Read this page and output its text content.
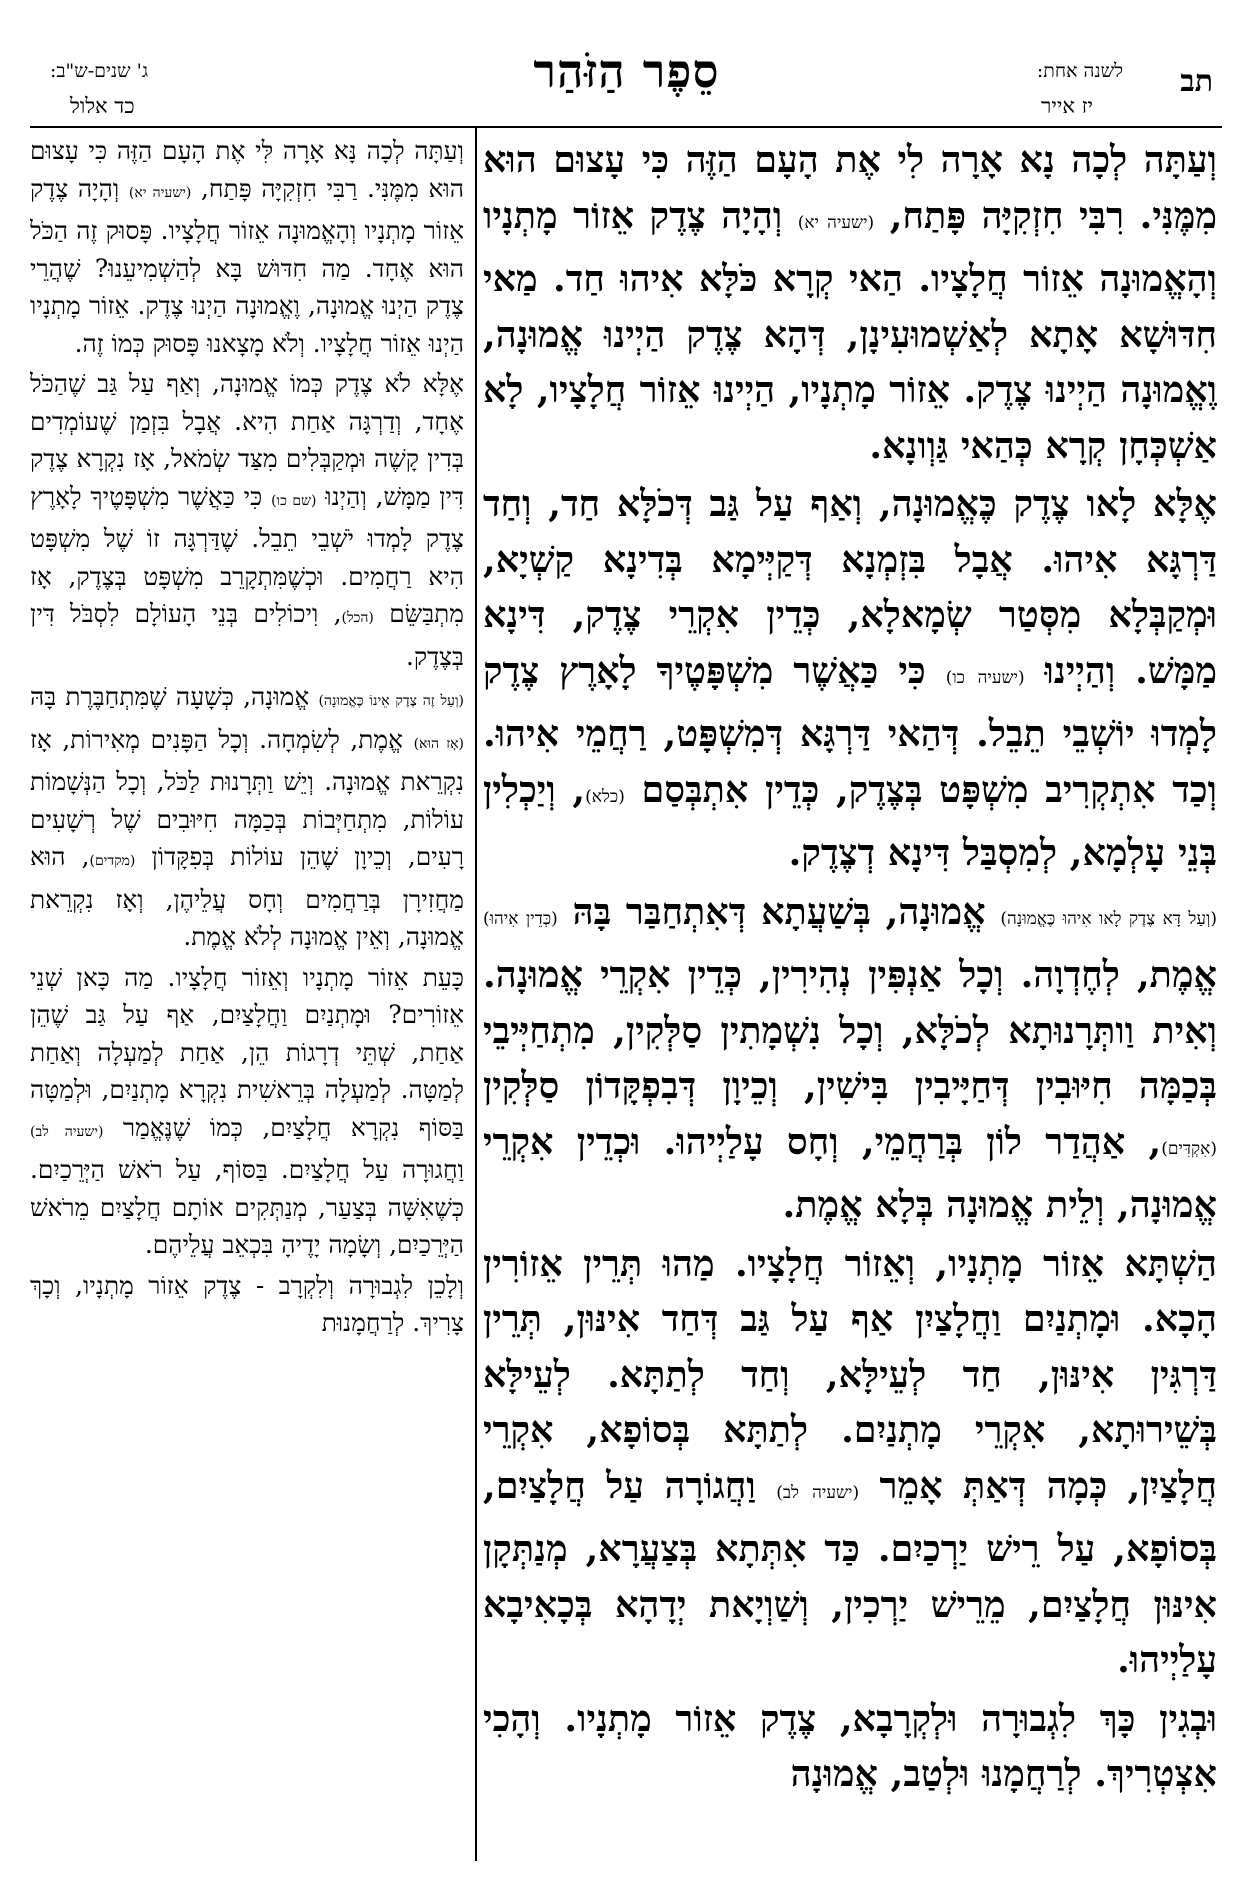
תב
לשנה אחת:
יז אייר
סֵפֶר הַזֹּהַר
ג' שנים-ש"ב:
כד אלול

וְעַתָּה לְכָה נָא אָרָה לִי אֶת הָעָם הַזֶּה כִּי עָצוּם הוּא מִמֶּנִּי. רִבִּי חִזְקִיָּה פָּתַח, (ישעיה יא) וְהָיָה צֶדֶק אֵזוֹר מָתְנָיו וְהָאֱמוּנָה אֵזוֹר חֲלָצָיו. הַאי קְרָא כֹּלָּא אִיהוּ חַד. מַאי חִדּוּשָׁא אָתָא לְאַשְׁמוּעִינָן, דְּהָא צֶדֶק הַיְינוּ אֱמוּנָה, וֶאֱמוּנָה הַיְינוּ צֶדֶק. אֵזוֹר מָתְנָיו, הַיְינוּ אֵזוֹר חֲלָצָיו, לָא אַשְׁכְּחָן קְרָא כְּהַאי גַּוְונָא.

אֶלָּא לָאו צֶדֶק כֶּאֱמוּנָה, וְאַף עַל גַּב דְּכֹלָּא חַד, וְחַד דַּרְגָּא אִיהוּ. אֲבָל בִּזְמְנָא דְּקַיְּימָא בְּדִינָא קַשְׁיָא, וּמְקַבְּלָא מִסְּטַר שְׂמָאלָא, כְּדֵין אִקְרֵי צֶדֶק, דִּינָא מַמָּשׁ. וְהַיְינוּ (ישעיה כו) כִּי כַּאֲשֶׁר מִשְׁפָּטֶיךָ לָאָרֶץ צֶדֶק לָמְדוּ יוֹשְׁבֵי תֵבֵל. דְּהַאי דַּרְגָּא דְּמִשְׁפָּט, רַחֲמֵי אִיהוּ. וְכַד אִתְקְרִיב מִשְׁפָּט בְּצֶדֶק, כְּדֵין אִתְבְּסַם (כלא), וְיַכְלִין בְּנֵי עָלְמָא, לְמִסְבַּל דִּינָא דְצֶדֶק.

(וְעַל דָּא צֶדֶק לָאו אִיהוּ כֶּאֱמוּנָה) אֱמוּנָה, בְּשַׁעֲתָא דְּאִתְחַבַּר בָּהּ (כְּדֵין אִיהוּ) אֱמֶת, לְחֶדְוָה. וְכָל אַנְפִּין נְהִירִין, כְּדֵין אִקְרֵי אֱמוּנָה. וְאִית וַותְּרָנוּתָא לְכֹלָּא, וְכָל נִשְׁמָתִין סַלְּקִין, מִתְחַיְּיבֵי בְּכַמָּה חִיּוּבִין דְּחַיָּיבִין בִּישִׁין, וְכֵיוָן דְּבִפְקָּדוֹן סַלְּקִין (אִקְדִּים), אַהֲדַר לוֹן בְּרַחֲמֵי, וְחָס עָלַיְיהוּ. וּכְדֵין אִקְרֵי אֱמוּנָה, וְלֵית אֱמוּנָה בְּלָא אֱמֶת.

הַשְׁתָּא אֵזוֹר מָתְנָיו, וְאֵזוֹר חֲלָצָיו. מַהוּ תְּרֵין אֵזוֹרִין הָכָא. וּמָתְנַיִם וַחֲלָצַיִן אַף עַל גַּב דְּחַד אִינּוּן, תְּרֵין דַּרְגִּין אִינּוּן, חַד לְעֵילָּא, וְחַד לְתַתָּא. לְעֵילָּא בְּשֵׁירוּתָא, אִקְרֵי מָתְנַיִם. לְתַתָּא בְּסוֹפָא, אִקְרֵי חֲלָצַיִן, כְּמָה דְּאַתְּ אָמֵר (ישעיה לב) וַחֲגוֹרָה עַל חֲלָצַיִם, בְּסוֹפָא, עַל רֵישׁ יַרְכַיִם. כַּד אִתְּתָא בְּצַעֲרָא, מְנַתְּקָן אִינּוּן חֲלָצַיִם, מֵרֵישׁ יַרְכִין, וְשַׁוְיָאת יְדָהָא בְּכָאִיבָא עָלַיְיהוּ.

וּבְגִין כָּךְ לִגְבוּרָה וּלְקְרָבָא, צֶדֶק אֵזוֹר מָתְנָיו. וְהָכִי אִצְטְרִיךְ. לְרַחֲמָנוּ וּלְטַב, אֱמוּנָה

וְעַתָּה לְכָה נָּא אָרָה לִּי אֶת הָעָם הַזֶּה כִּי עָצוּם הוּא מִמֶּנִּי. רַבִּי חִזְקִיָּה פָּתַח, (ישעיה יא) וְהָיָה צֶדֶק אֵזוֹר מָתְנָיו וְהָאֱמוּנָה אֵזוֹר חֲלָצָיו. פָּסוּק זֶה הַכֹּל הוּא אֶחָד. מַה חִדּוּשׁ בָּא לְהַשְׁמִיעֵנוּ? שֶׁהֲרֵי צֶדֶק הַיְנוּ אֱמוּנָה, וֶאֱמוּנָה הַיְנוּ צֶדֶק. אֵזוֹר מָתְנָיו הַיְנוּ אֵזוֹר חֲלָצָיו. וְלֹא מָצָאנוּ פָּסוּק כְּמוֹ זֶה.

אֶלָּא לֹא צֶדֶק כְּמוֹ אֱמוּנָה, וְאַף עַל גַּב שֶׁהַכֹּל אֶחָד, וְדַרְגָּה אַחַת הִיא. אֲבָל בִּזְמַן שֶׁעוֹמְדִים בְּדִין קָשֶׁה וּמְקַבְּלִים מִצַּד שְׂמֹאל, אָז נִקְרָא צֶדֶק דִּין מַמָּשׁ, וְהַיְנוּ (שם כו) כִּי כַּאֲשֶׁר מִשְׁפָּטֶיךָ לָאָרֶץ צֶדֶק לָמְדוּ יֹשְׁבֵי תֵבֵל. שֶׁדַּרְגָּה זוֹ שֶׁל מִשְׁפָּט הִיא רַחֲמִים. וּכְשֶׁמִּתְקָרֵב מִשְׁפָּט בְּצֶדֶק, אָז מִתְבַּשֵּׂם (הכל), וִיכוֹלִים בְּנֵי הָעוֹלָם לִסְבֹּל דִּין בְּצֶדֶק.

(וְעַל זֶה צֶדֶק אֵינוֹ כֶּאֱמוּנָה) אֱמוּנָה, כְּשָׁעָה שֶׁמִּתְחַבֶּרֶת בָּהּ (אָז הוּא) אֱמֶת, לְשִׂמְחָה. וְכָל הַפָּנִים מְאִירוֹת, אָז נִקְרֵאת אֱמוּנָה. וְיֵשׁ וַתְּרָנוּת לַכֹּל, וְכָל הַנְּשָׁמוֹת עוֹלוֹת, מִתְחַיְּבוֹת בְּכַמָּה חִיּוּבִים שֶׁל רְשָׁעִים רָעִים, וְכֵיוָן שֶׁהֵן עוֹלוֹת בְּפִקָּדוֹן (מקדים), הוּא מַחֲזִירָן בְּרַחֲמִים וְחָס עֲלֵיהֶן, וְאָז נִקְרֵאת אֱמוּנָה, וְאֵין אֱמוּנָה לְלֹא אֱמֶת.

כָּעֵת אֵזוֹר מָתְנָיו וְאֵזוֹר חֲלָצָיו. מַה כָּאן שְׁנֵי אֵזוֹרִים? וּמָתְנַיִם וַחֲלָצַיִם, אַף עַל גַּב שֶׁהֵן אַחַת, שְׁתֵּי דְרָגוֹת הֵן, אַחַת לְמַעְלָה וְאַחַת לְמַטָּה. לְמַעְלָה בְּרֵאשִׁית נִקְרָא מָתְנַיִם, וּלְמַטָּה בַּסּוֹף נִקְרָא חֲלָצַיִם, כְּמוֹ שֶׁנֶּאֱמַר (ישעיה לב) וַחֲגוּרָה עַל חֲלָצַיִם. בַּסּוֹף, עַל רֹאשׁ הַיְּרֵכַיִם. כְּשֶׁאִשָּׁה בְּצַעַר, מְנַתְּקִים אוֹתָם חֲלָצַיִם מֵרֹאשׁ הַיְּרֵכַיִם, וְשָׂמָה יָדֶיהָ בִּכְאֵב עֲלֵיהֶם.

וְלָכֵן לִגְבוּרָה וְלִקְרָב - צֶדֶק אֵזוֹר מָתְנָיו, וְכָךְ צָרִיךְ. לְרַחֲמָנוּת
